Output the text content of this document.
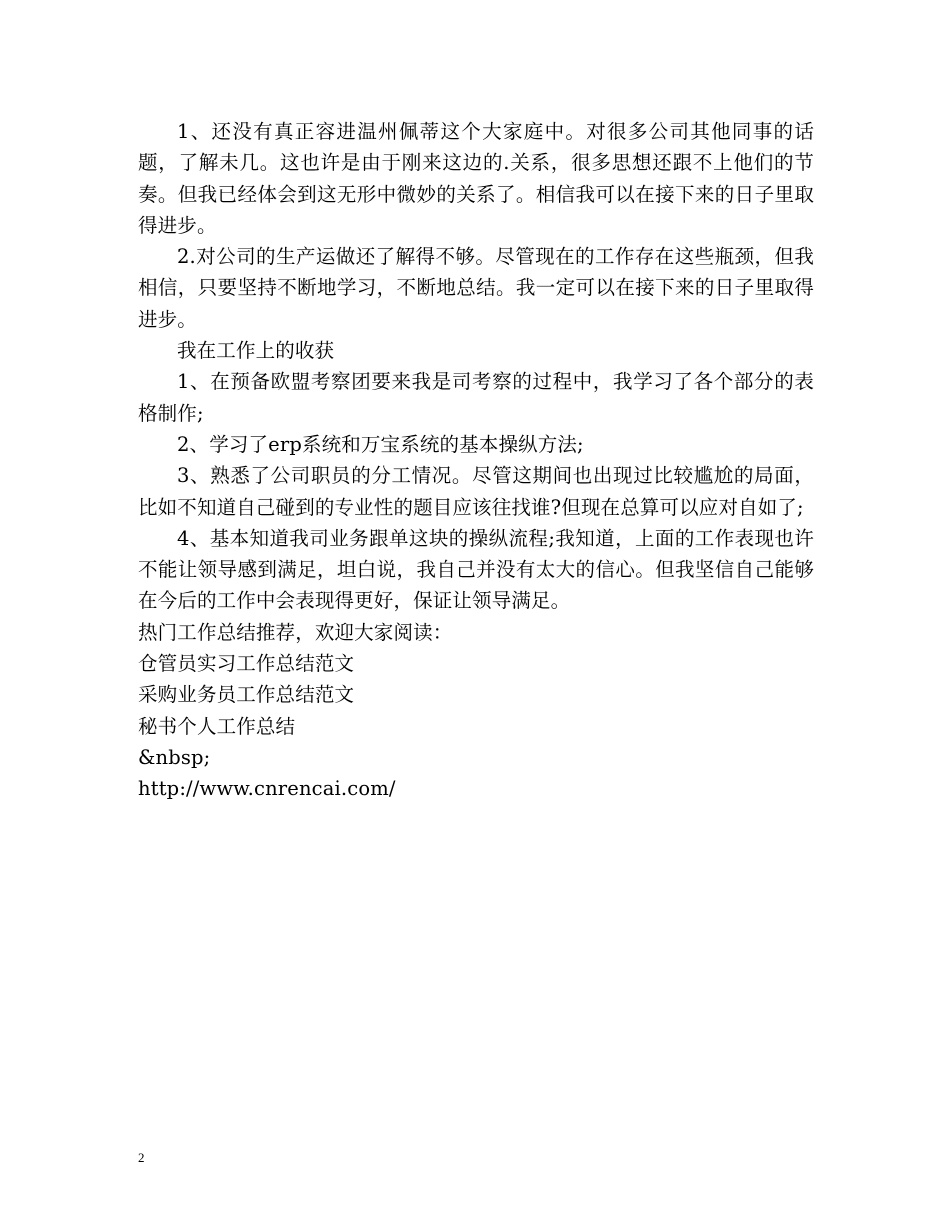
1、还没有真正容进温州佩蒂这个大家庭中。对很多公司其他同事的话题，了解未几。这也许是由于刚来这边的.关系，很多思想还跟不上他们的节奏。但我已经体会到这无形中微妙的关系了。相信我可以在接下来的日子里取得进步。

2.对公司的生产运做还了解得不够。尽管现在的工作存在这些瓶颈，但我相信，只要坚持不断地学习，不断地总结。我一定可以在接下来的日子里取得进步。

我在工作上的收获

1、在预备欧盟考察团要来我是司考察的过程中，我学习了各个部分的表格制作;

2、学习了erp系统和万宝系统的基本操纵方法;

3、熟悉了公司职员的分工情况。尽管这期间也出现过比较尴尬的局面，比如不知道自己碰到的专业性的题目应该往找谁?但现在总算可以应对自如了;

4、基本知道我司业务跟单这块的操纵流程;我知道，上面的工作表现也许不能让领导感到满足，坦白说，我自己并没有太大的信心。但我坚信自己能够在今后的工作中会表现得更好，保证让领导满足。

热门工作总结推荐，欢迎大家阅读：

仓管员实习工作总结范文

采购业务员工作总结范文

秘书个人工作总结

&nbsp;

http://www.cnrencai.com/

2
